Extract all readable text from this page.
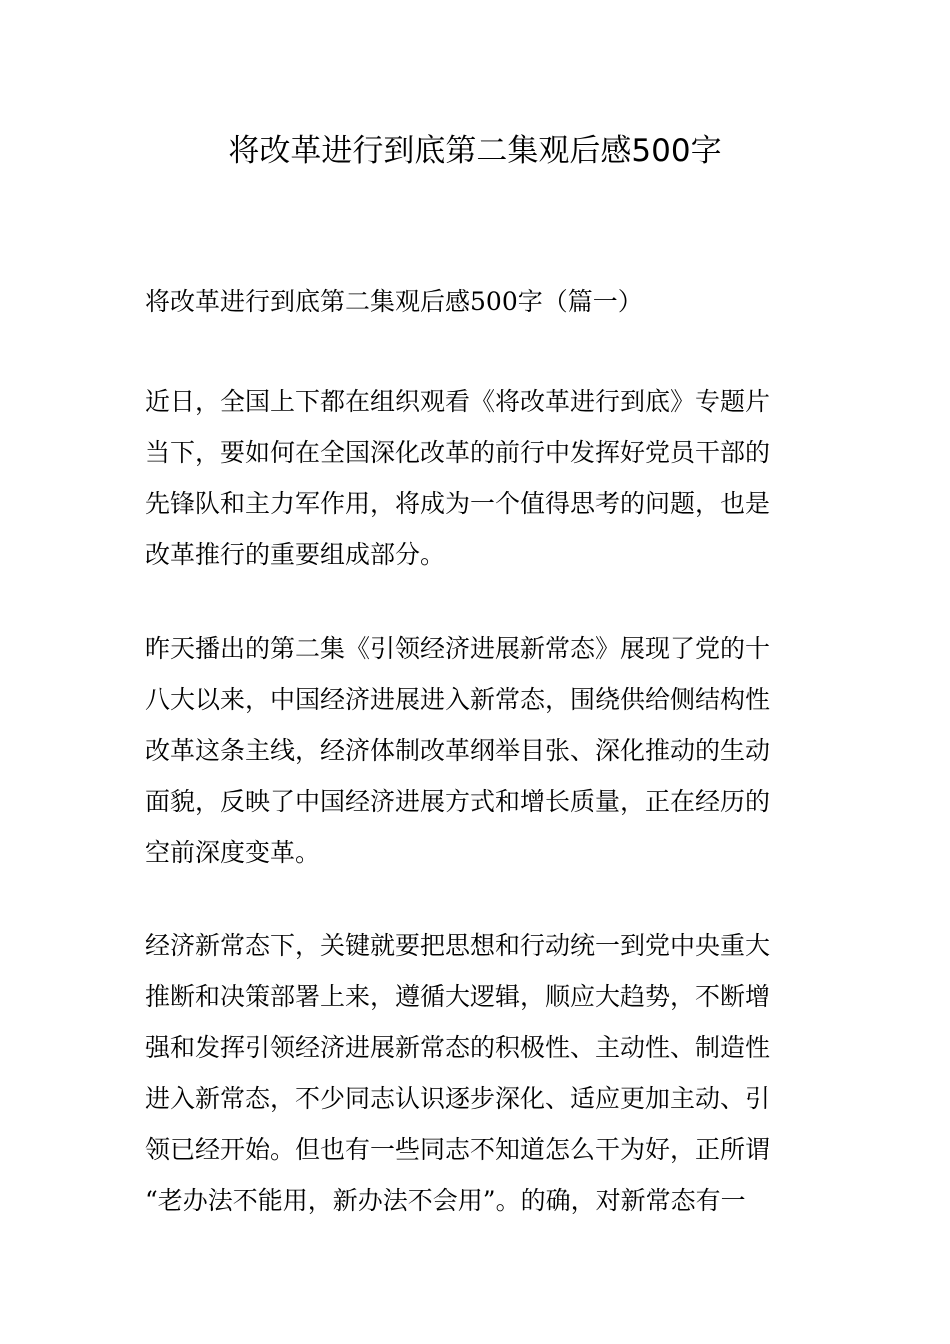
将改革进行到底第二集观后感500字
将改革进行到底第二集观后感500字（篇一）
近日，全国上下都在组织观看《将改革进行到底》专题片
当下，要如何在全国深化改革的前行中发挥好党员干部的
先锋队和主力军作用，将成为一个值得思考的问题，也是
改革推行的重要组成部分。
昨天播出的第二集《引领经济进展新常态》展现了党的十
八大以来，中国经济进展进入新常态，围绕供给侧结构性
改革这条主线，经济体制改革纲举目张、深化推动的生动
面貌，反映了中国经济进展方式和增长质量，正在经历的
空前深度变革。
经济新常态下，关键就要把思想和行动统一到党中央重大
推断和决策部署上来，遵循大逻辑，顺应大趋势，不断增
强和发挥引领经济进展新常态的积极性、主动性、制造性
进入新常态，不少同志认识逐步深化、适应更加主动、引
领已经开始。但也有一些同志不知道怎么干为好，正所谓
“老办法不能用，新办法不会用”。的确，对新常态有一
